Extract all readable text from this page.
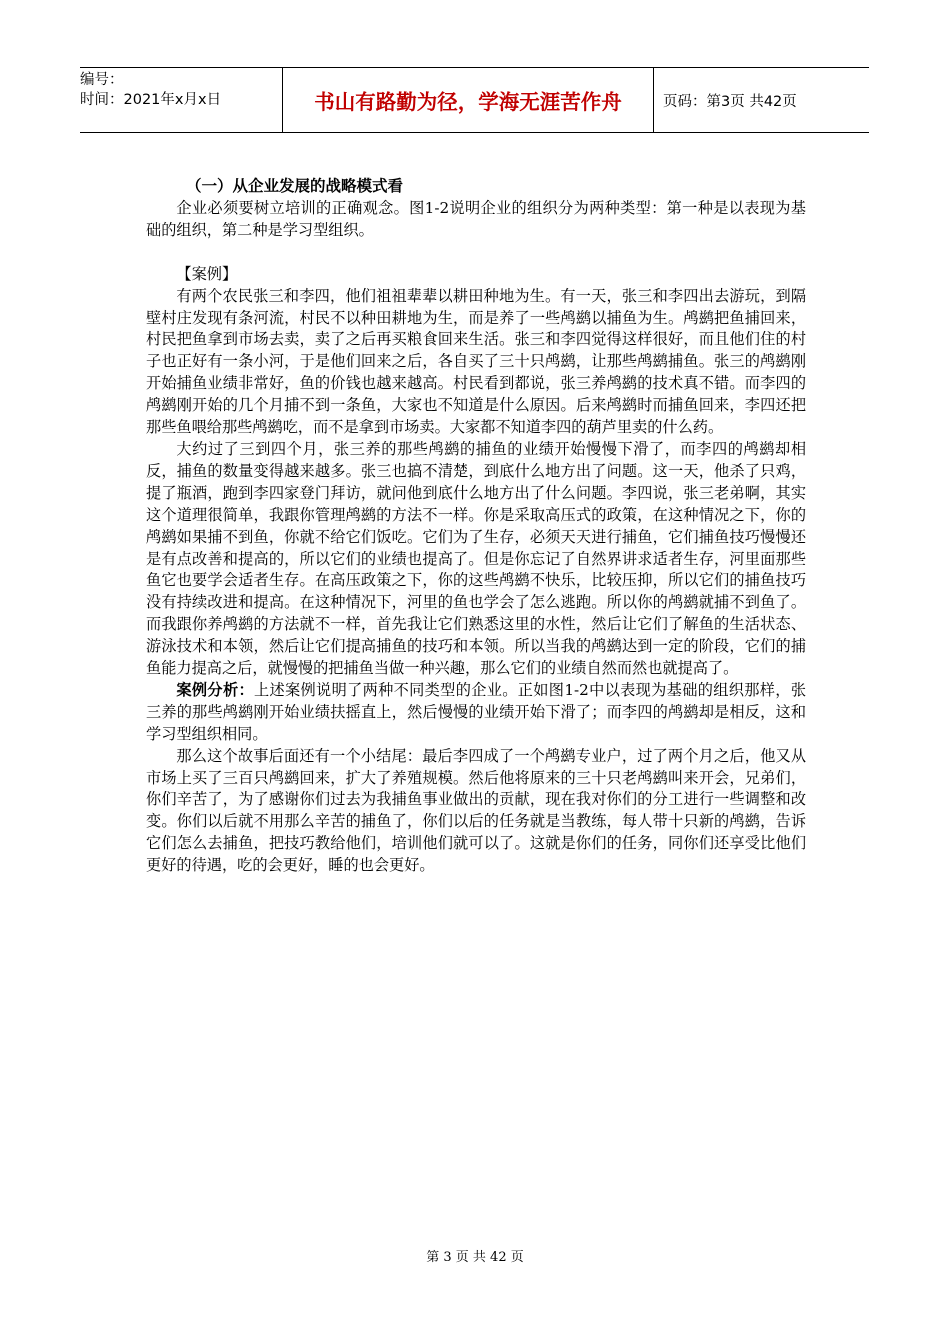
编号：
时间：2021年x月x日	书山有路勤为径，学海无涯苦作舟	页码：第3页 共42页

（一）从企业发展的战略模式看

企业必须要树立培训的正确观念。图1-2说明企业的组织分为两种类型：第一种是以表现为基础的组织，第二种是学习型组织。

【案例】

有两个农民张三和李四，他们祖祖辈辈以耕田种地为生。有一天，张三和李四出去游玩，到隔壁村庄发现有条河流，村民不以种田耕地为生，而是养了一些鸬鹚以捕鱼为生。鸬鹚把鱼捕回来，村民把鱼拿到市场去卖，卖了之后再买粮食回来生活。张三和李四觉得这样很好，而且他们住的村子也正好有一条小河，于是他们回来之后，各自买了三十只鸬鹚，让那些鸬鹚捕鱼。张三的鸬鹚刚开始捕鱼业绩非常好，鱼的价钱也越来越高。村民看到都说，张三养鸬鹚的技术真不错。而李四的鸬鹚刚开始的几个月捕不到一条鱼，大家也不知道是什么原因。后来鸬鹚时而捕鱼回来，李四还把那些鱼喂给那些鸬鹚吃，而不是拿到市场卖。大家都不知道李四的葫芦里卖的什么药。

大约过了三到四个月，张三养的那些鸬鹚的捕鱼的业绩开始慢慢下滑了，而李四的鸬鹚却相反，捕鱼的数量变得越来越多。张三也搞不清楚，到底什么地方出了问题。这一天，他杀了只鸡，提了瓶酒，跑到李四家登门拜访，就问他到底什么地方出了什么问题。李四说，张三老弟啊，其实这个道理很简单，我跟你管理鸬鹚的方法不一样。你是采取高压式的政策，在这种情况之下，你的鸬鹚如果捕不到鱼，你就不给它们饭吃。它们为了生存，必须天天进行捕鱼，它们捕鱼技巧慢慢还是有点改善和提高的，所以它们的业绩也提高了。但是你忘记了自然界讲求适者生存，河里面那些鱼它也要学会适者生存。在高压政策之下，你的这些鸬鹚不快乐，比较压抑，所以它们的捕鱼技巧没有持续改进和提高。在这种情况下，河里的鱼也学会了怎么逃跑。所以你的鸬鹚就捕不到鱼了。而我跟你养鸬鹚的方法就不一样，首先我让它们熟悉这里的水性，然后让它们了解鱼的生活状态、游泳技术和本领，然后让它们提高捕鱼的技巧和本领。所以当我的鸬鹚达到一定的阶段，它们的捕鱼能力提高之后，就慢慢的把捕鱼当做一种兴趣，那么它们的业绩自然而然也就提高了。

案例分析：上述案例说明了两种不同类型的企业。正如图1-2中以表现为基础的组织那样，张三养的那些鸬鹚刚开始业绩扶摇直上，然后慢慢的业绩开始下滑了；而李四的鸬鹚却是相反，这和学习型组织相同。

那么这个故事后面还有一个小结尾：最后李四成了一个鸬鹚专业户，过了两个月之后，他又从市场上买了三百只鸬鹚回来，扩大了养殖规模。然后他将原来的三十只老鸬鹚叫来开会，兄弟们，你们辛苦了，为了感谢你们过去为我捕鱼事业做出的贡献，现在我对你们的分工进行一些调整和改变。你们以后就不用那么辛苦的捕鱼了，你们以后的任务就是当教练，每人带十只新的鸬鹚，告诉它们怎么去捕鱼，把技巧教给他们，培训他们就可以了。这就是你们的任务，同你们还享受比他们更好的待遇，吃的会更好，睡的也会更好。

第 3 页 共 42 页
